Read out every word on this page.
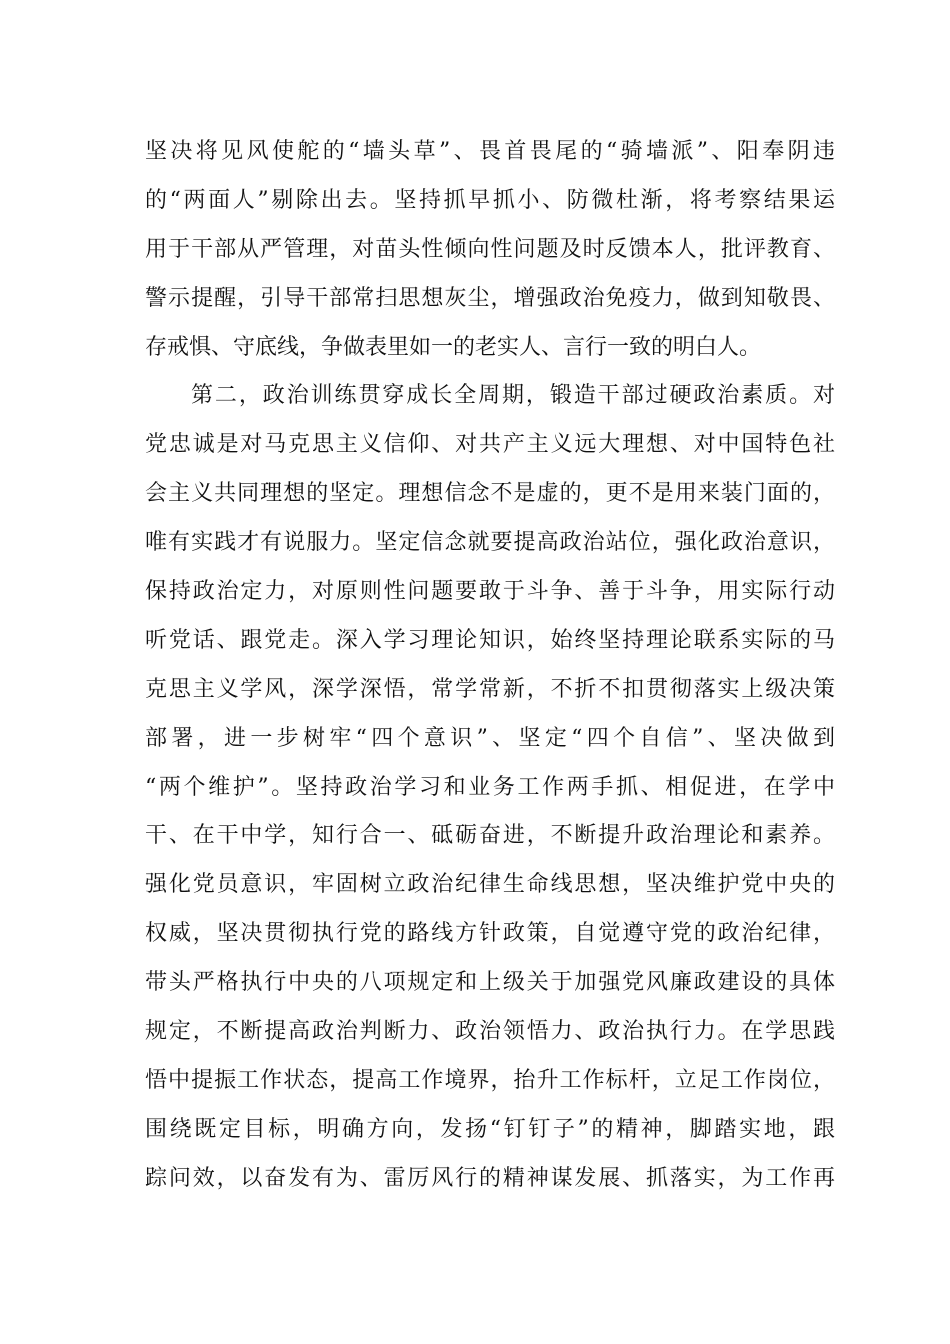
坚决将见风使舵的“墙头草”、畏首畏尾的“骑墙派”、阳奉阴违
的“两面人”剔除出去。坚持抓早抓小、防微杜渐，将考察结果运
用于干部从严管理，对苗头性倾向性问题及时反馈本人，批评教育、
警示提醒，引导干部常扫思想灰尘，增强政治免疫力，做到知敬畏、
存戒惧、守底线，争做表里如一的老实人、言行一致的明白人。
第二，政治训练贯穿成长全周期，锻造干部过硬政治素质。对
党忠诚是对马克思主义信仰、对共产主义远大理想、对中国特色社
会主义共同理想的坚定。理想信念不是虚的，更不是用来装门面的，
唯有实践才有说服力。坚定信念就要提高政治站位，强化政治意识，
保持政治定力，对原则性问题要敢于斗争、善于斗争，用实际行动
听党话、跟党走。深入学习理论知识，始终坚持理论联系实际的马
克思主义学风，深学深悟，常学常新，不折不扣贯彻落实上级决策
部署，进一步树牢“四个意识”、坚定“四个自信”、坚决做到
“两个维护”。坚持政治学习和业务工作两手抓、相促进，在学中
干、在干中学，知行合一、砥砺奋进，不断提升政治理论和素养。
强化党员意识，牢固树立政治纪律生命线思想，坚决维护党中央的
权威，坚决贯彻执行党的路线方针政策，自觉遵守党的政治纪律，
带头严格执行中央的八项规定和上级关于加强党风廉政建设的具体
规定，不断提高政治判断力、政治领悟力、政治执行力。在学思践
悟中提振工作状态，提高工作境界，抬升工作标杆，立足工作岗位，
围绕既定目标，明确方向，发扬“钉钉子”的精神，脚踏实地，跟
踪问效，以奋发有为、雷厉风行的精神谋发展、抓落实，为工作再
